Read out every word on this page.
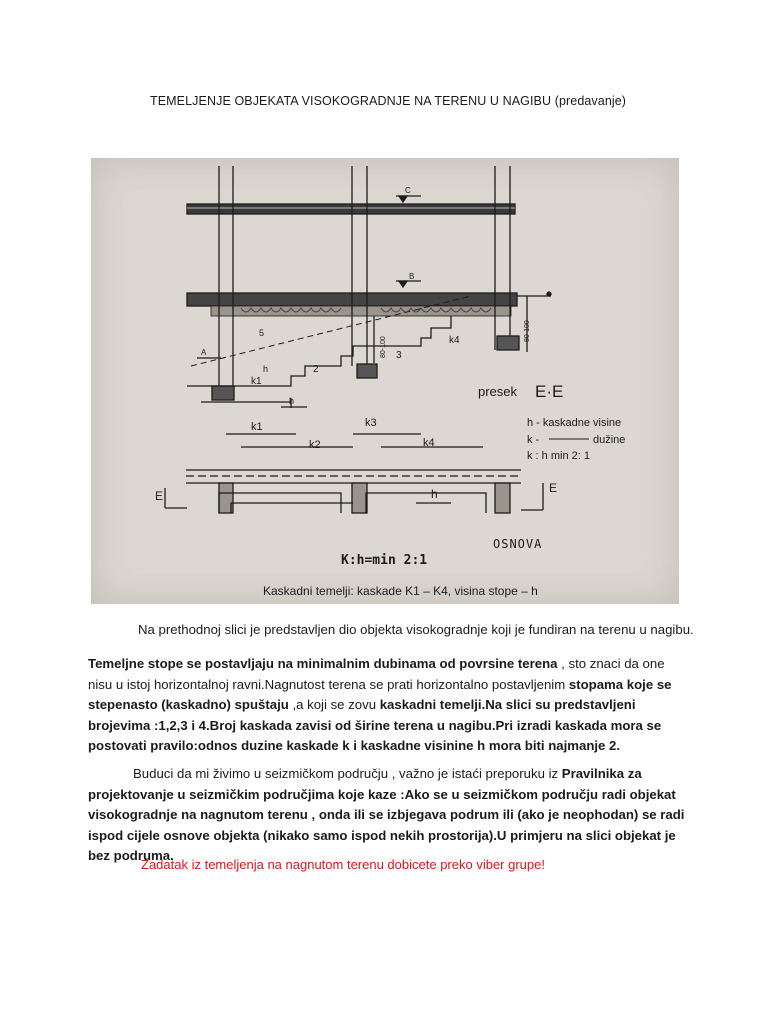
TEMELJENJE OBJEKATA VISOKOGRADNJE NA TERENU U NAGIBU (predavanje)
C
B
A
5
h
k1
2
3
k4	80-100
80-100
presek E·E
k1
k2
k3
k4
h
h - kaskadne visine
k -	dužine
k : h min 2: 1
E
E
h
OSNOVA
K:h=min 2:1
Kaskadni temelji: kaskade K1 – K4, visina stope – h
Na prethodnoj slici je predstavljen dio objekta visokogradnje koji je fundiran na terenu u nagibu.
Temeljne stope se postavljaju na minimalnim dubinama od povrsine terena , sto znaci da one nisu u istoj horizontalnoj ravni.Nagnutost terena se prati horizontalno postavljenim stopama koje se stepenasto (kaskadno) spuštaju ,a koji se zovu kaskadni temelji.Na slici su predstavljeni brojevima :1,2,3 i 4.Broj kaskada zavisi od širine terena u nagibu.Pri izradi kaskada mora se postovati pravilo:odnos duzine kaskade k i kaskadne visinine h mora biti najmanje 2.
Buduci da mi živimo u seizmičkom području , važno je istaći preporuku iz Pravilnika za projektovanje u seizmičkim područjima koje kaze :Ako se u seizmičkom području radi objekat visokogradnje na nagnutom terenu , onda ili se izbjegava podrum ili (ako je neophodan) se radi ispod cijele osnove objekta (nikako samo ispod nekih prostorija).U primjeru na slici objekat je bez podruma.
Zadatak iz temeljenja na nagnutom terenu dobicete preko viber grupe!
